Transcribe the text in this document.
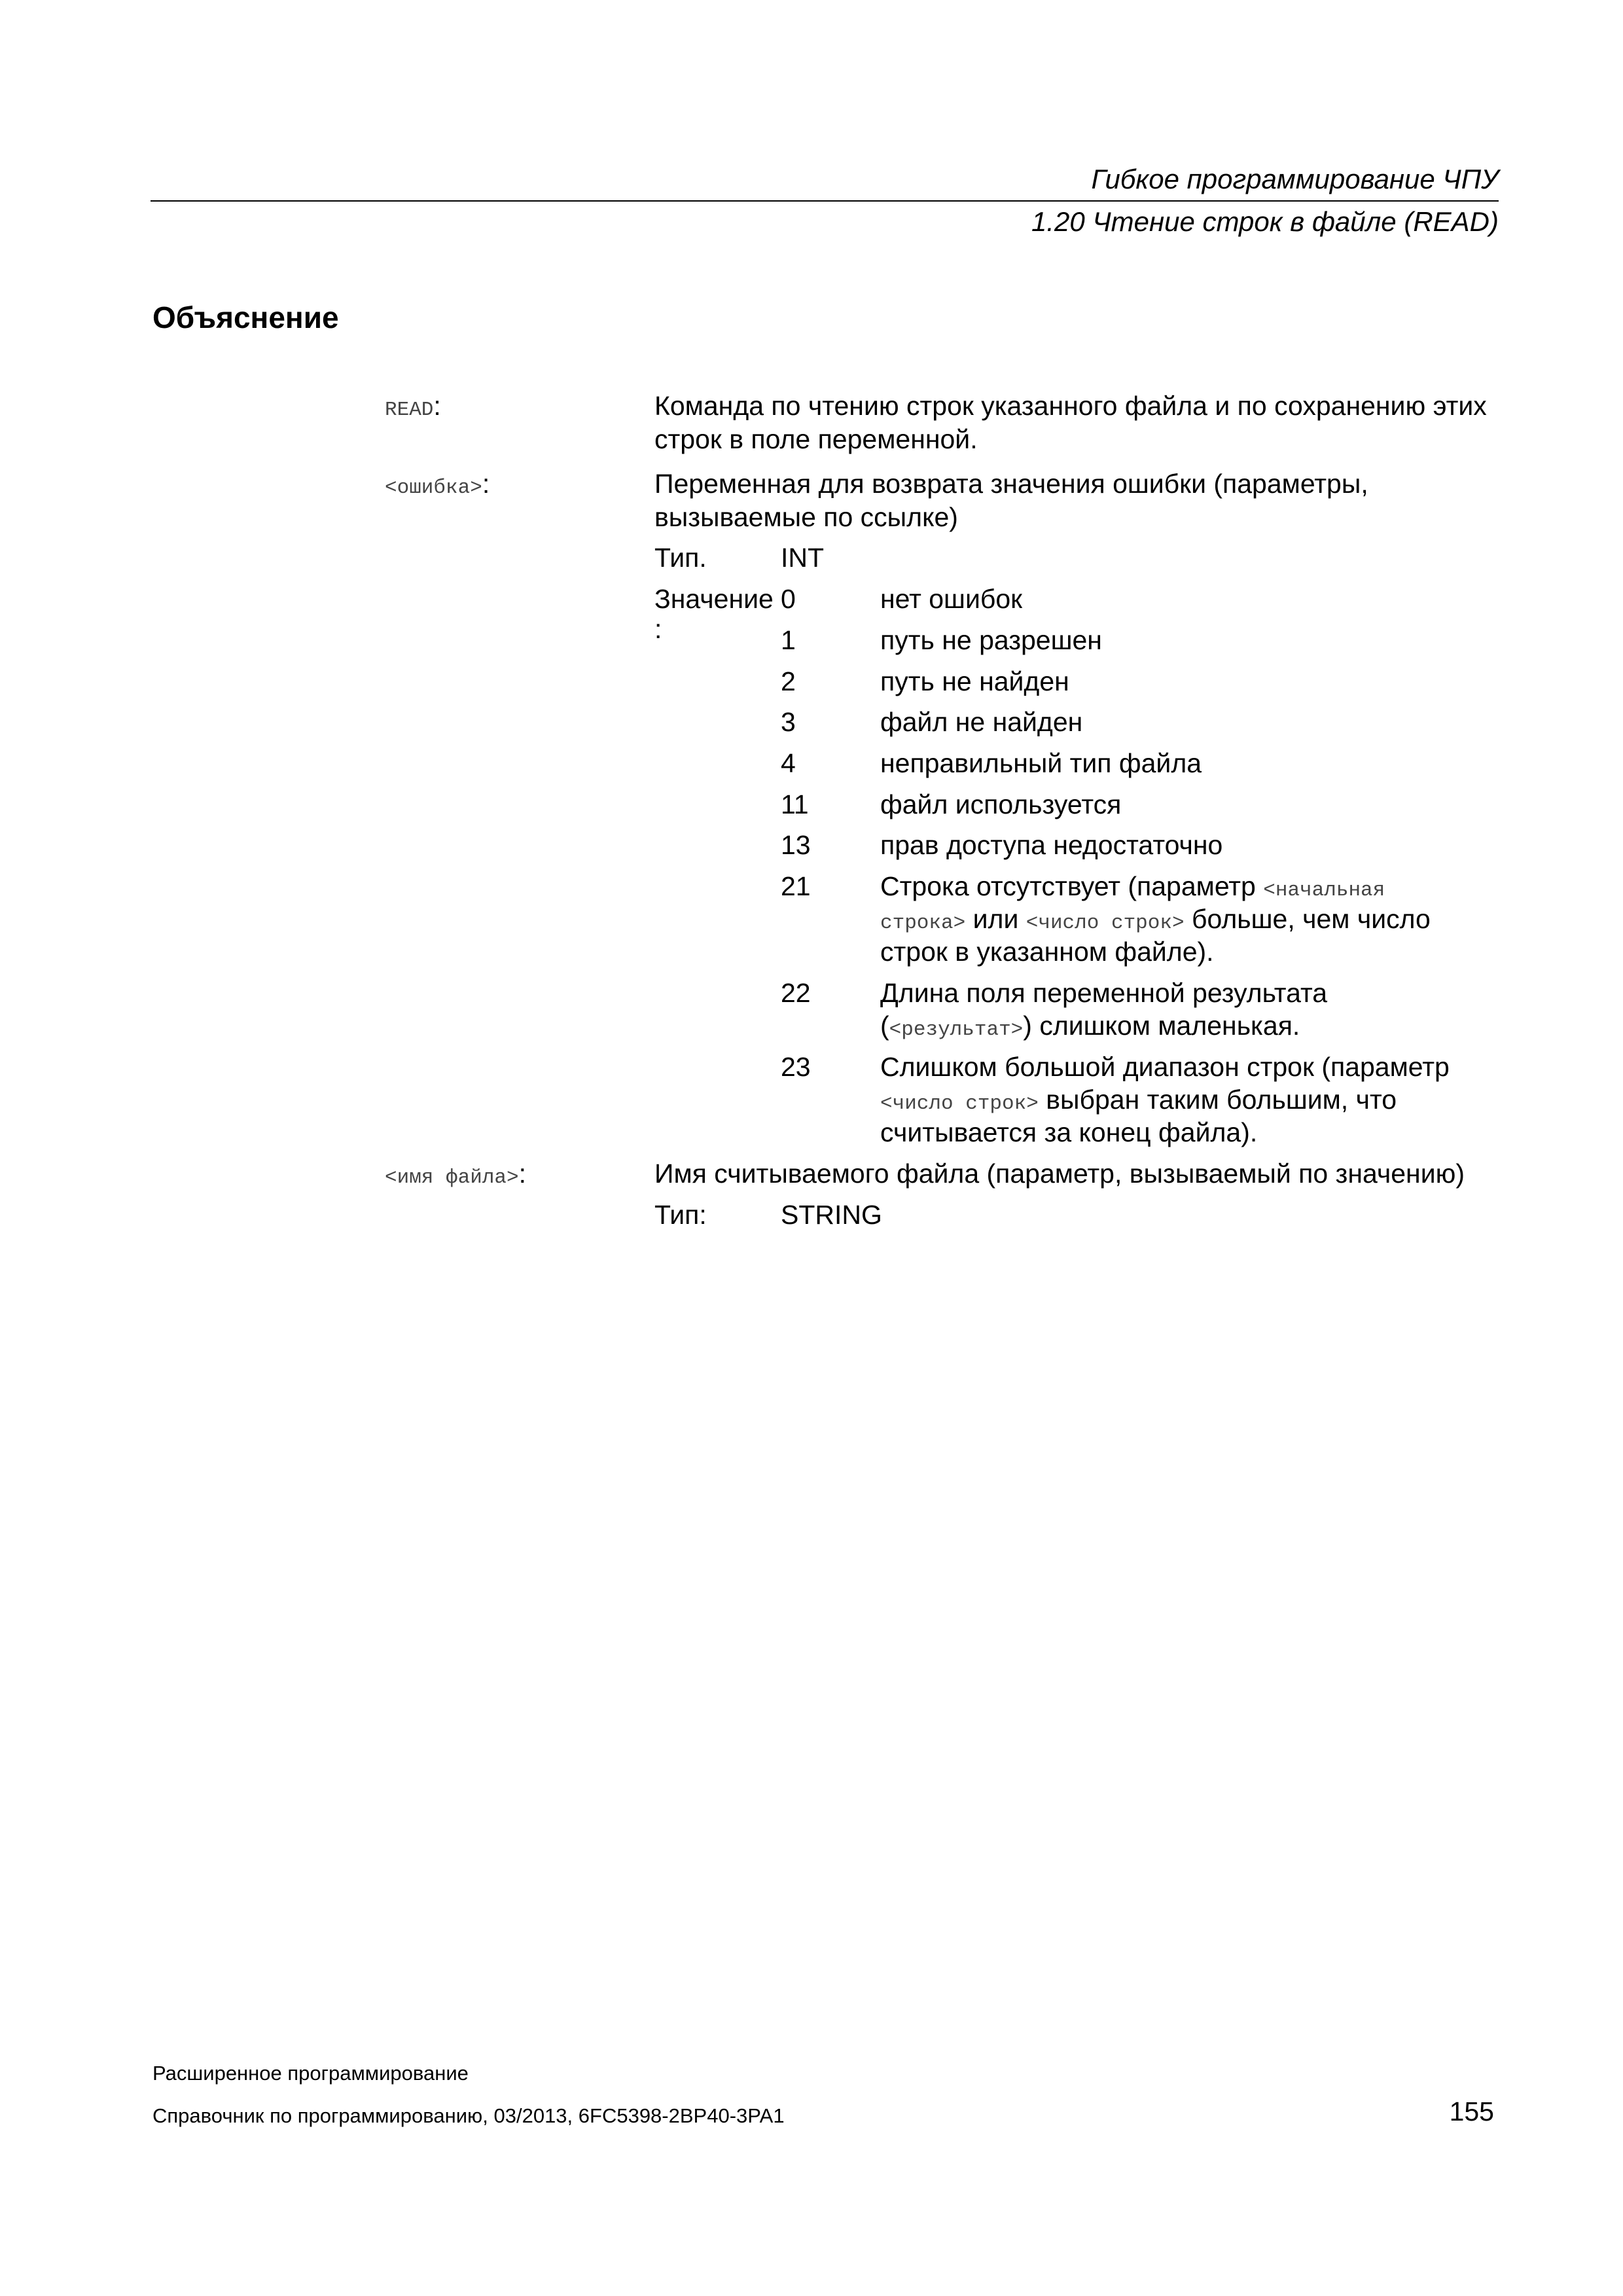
Гибкое программирование ЧПУ
1.20 Чтение строк в файле (READ)
Объяснение
READ:	Команда по чтению строк указанного файла и по сохранению этих
строк в поле переменной.
<ошибка>:	Переменная для возврата значения ошибки (параметры,
вызываемые по ссылке)
Тип.	INT
Значение
:
0	нет ошибок
1	путь не разрешен
2	путь не найден
3	файл не найден
4	неправильный тип файла
11	файл используется
13	прав доступа недостаточно
21	Строка отсутствует (параметр <начальная
строка> или <число строк> больше, чем число
строк в указанном файле).
22	Длина поля переменной результата
(<результат>) слишком маленькая.
23	Слишком большой диапазон строк (параметр
<число строк> выбран таким большим, что
считывается за конец файла).
<имя файла>:	Имя считываемого файла (параметр, вызываемый по значению)
Тип:	STRING
Расширенное программирование
Справочник по программированию, 03/2013, 6FC5398-2BP40-3PA1	155
